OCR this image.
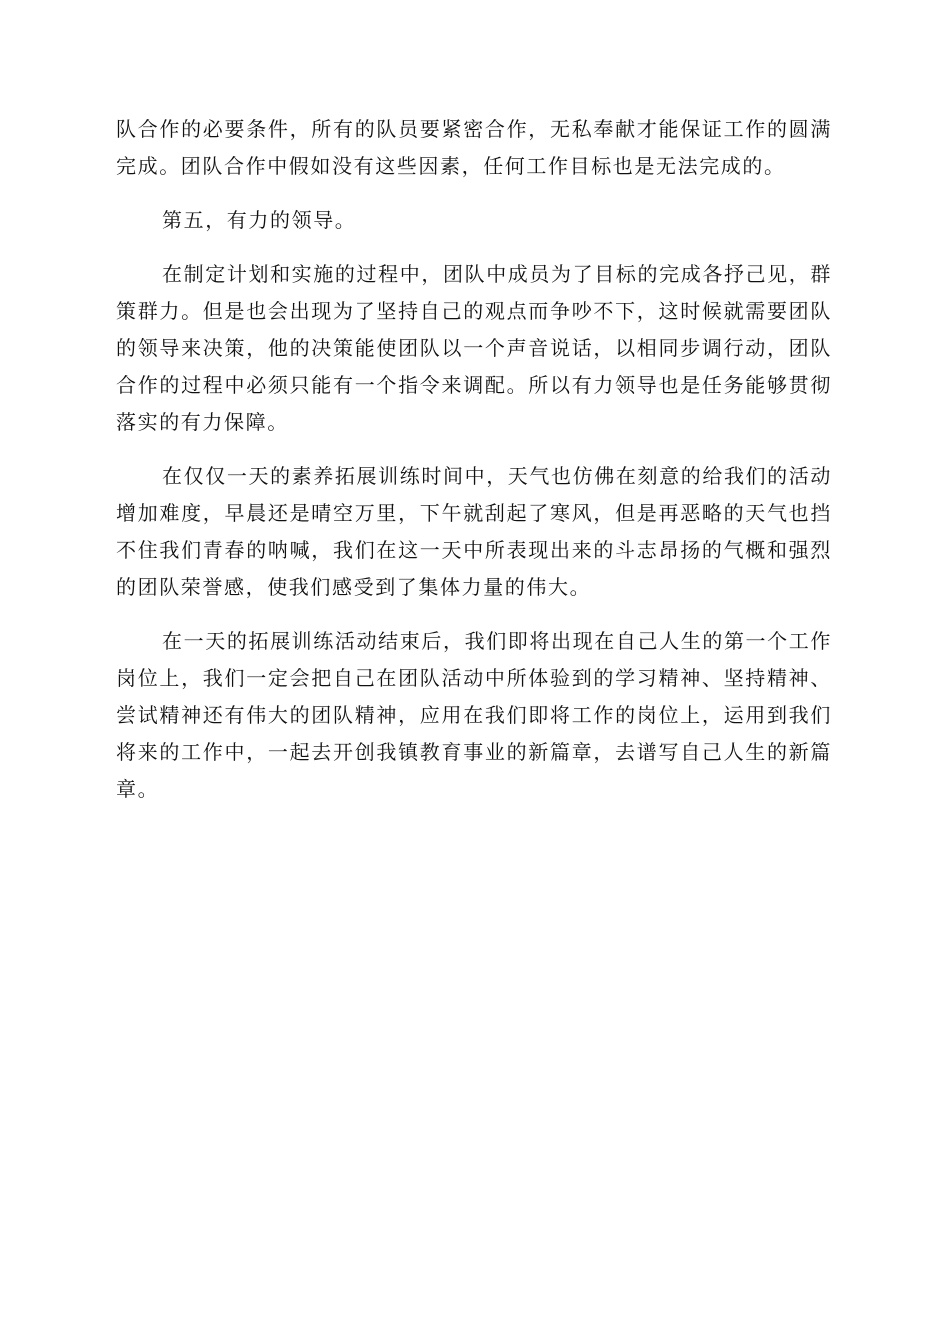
队合作的必要条件，所有的队员要紧密合作，无私奉献才能保证工作的圆满完成。团队合作中假如没有这些因素，任何工作目标也是无法完成的。

第五，有力的领导。

在制定计划和实施的过程中，团队中成员为了目标的完成各抒己见，群策群力。但是也会出现为了坚持自己的观点而争吵不下，这时候就需要团队的领导来决策，他的决策能使团队以一个声音说话，以相同步调行动，团队合作的过程中必须只能有一个指令来调配。所以有力领导也是任务能够贯彻落实的有力保障。

在仅仅一天的素养拓展训练时间中，天气也仿佛在刻意的给我们的活动增加难度，早晨还是晴空万里，下午就刮起了寒风，但是再恶略的天气也挡不住我们青春的呐喊，我们在这一天中所表现出来的斗志昂扬的气概和强烈的团队荣誉感，使我们感受到了集体力量的伟大。

在一天的拓展训练活动结束后，我们即将出现在自己人生的第一个工作岗位上，我们一定会把自己在团队活动中所体验到的学习精神、坚持精神、尝试精神还有伟大的团队精神，应用在我们即将工作的岗位上，运用到我们将来的工作中，一起去开创我镇教育事业的新篇章，去谱写自己人生的新篇章。
